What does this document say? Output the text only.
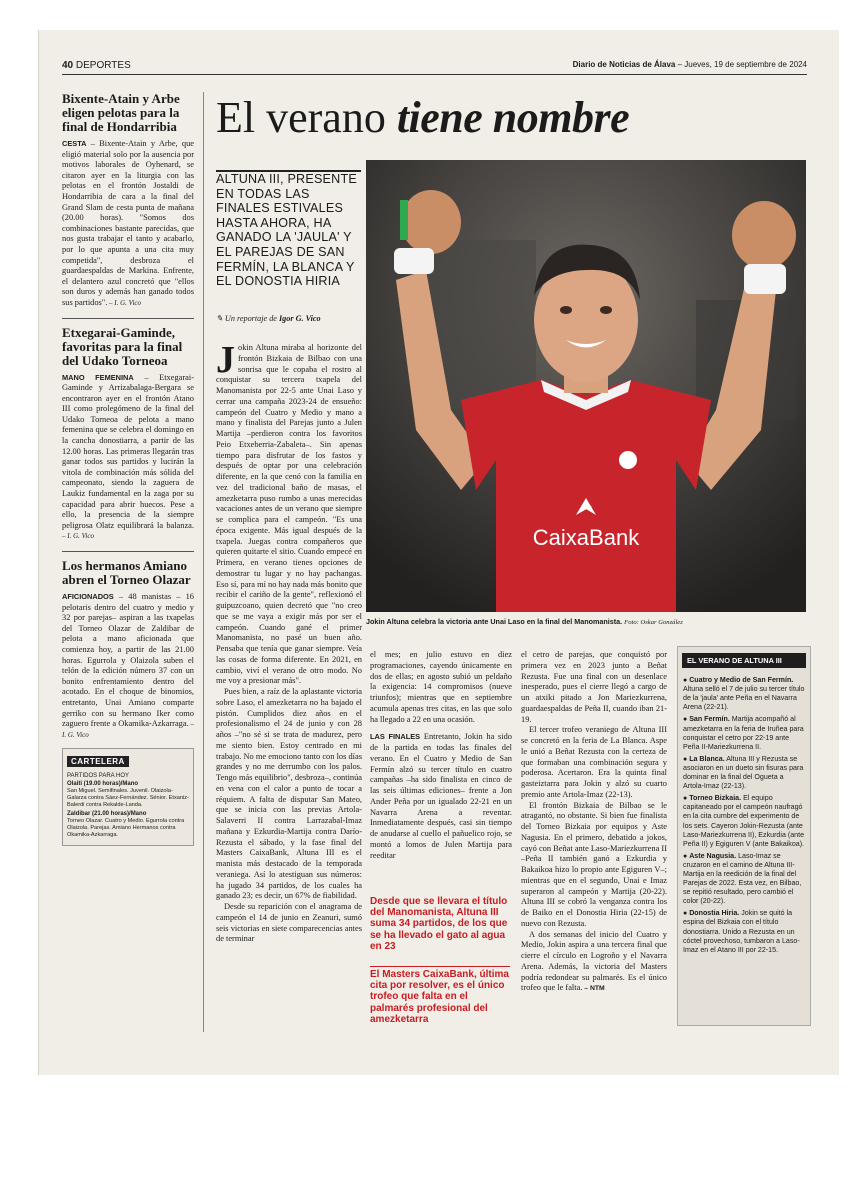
40 DEPORTES	Diario de Noticias de Álava – Jueves, 19 de septiembre de 2024
Bixente-Atain y Arbe eligen pelotas para la final de Hondarribia

CESTA – Bixente-Atain y Arbe, que eligió material solo por la ausencia por motivos laborales de Oyhenard, se citaron ayer en la liturgia con las pelotas en el frontón Jostaldi de Hondarribia de cara a la final del Grand Slam de cesta punta de mañana (20.00 horas). "Somos dos combinaciones bastante parecidas, que nos gusta trabajar el tanto y acabarlo, por lo que apunta a una cita muy competida", desbroza el guardaespaldas de Markina. Enfrente, el delantero azul concretó que "ellos son duros y además han ganado todos sus partidos". – I. G. Vico

Etxegarai-Gaminde, favoritas para la final del Udako Torneoa

MANO FEMENINA – Etxegarai-Gaminde y Arrizabalaga-Bergara se encontraron ayer en el frontón Atano III como prolegómeno de la final del Udako Torneoa de pelota a mano femenina que se celebra el domingo en la cancha donostiarra, a partir de las 12.00 horas. Las primeras llegarán tras ganar todos sus partidos y lucirán la vitola de combinación más sólida del campeonato, siendo la zaguera de Laukiz fundamental en la zaga por su capacidad para abrir huecos. Pese a ello, la presencia de la siempre peligrosa Olatz equilibrará la balanza. – I. G. Vico

Los hermanos Amiano abren el Torneo Olazar

AFICIONADOS – 48 manistas – 16 pelotaris dentro del cuatro y medio y 32 por parejas– aspiran a las txapelas del Torneo Olazar de Zaldibar de pelota a mano aficionada que comienza hoy, a partir de las 21.00 horas. Egurrola y Olaizola suben el telón de la edición número 37 con un bonito enfrentamiento dentro del acotado. En el choque de binomios, entretanto, Unai Amiano comparte gerriko con su hermano Iker como zaguero frente a Okamika-Azkarraga. – I. G. Vico

CARTELERA
PARTIDOS PARA HOY

Olaiti (19.00 horas)/Mano
San Miguel. Semifinales. Juvenil. Olaizola-Galarza contra Sáez-Fernández. Sénior. Etxaniz-Balerdi contra Rekalde-Landa.

Zaldibar (21.00 horas)/Mano
Torneo Olazar. Cuatro y Medio. Egurrola contra Olaizola. Parejas. Amiano Hermanos contra Okamika-Azkarraga.

El verano tiene nombre
ALTUNA III, PRESENTE EN TODAS LAS FINALES ESTIVALES HASTA AHORA, HA GANADO LA 'JAULA' Y EL PAREJAS DE SAN FERMÍN, LA BLANCA Y EL DONOSTIA HIRIA
✎ Un reportaje de Igor G. Vico
CaixaBank
Jokin Altuna celebra la victoria ante Unai Laso en la final del Manomanista. Foto: Oskar González

Jokin Altuna miraba al horizonte del frontón Bizkaia de Bilbao con una sonrisa que le copaba el rostro al conquistar su tercera txapela del Manomanista por 22-5 ante Unai Laso y cerrar una campaña 2023-24 de ensueño: campeón del Cuatro y Medio y mano a mano y finalista del Parejas junto a Julen Martija –perdieron contra los favoritos Peio Etxeberria-Zabaleta–. Sin apenas tiempo para disfrutar de los fastos y después de optar por una celebración diferente, en la que cenó con la familia en vez del tradicional baño de masas, el amezketarra puso rumbo a unas merecidas vacaciones antes de un verano que siempre se complica para el campeón. "Es una época exigente. Más igual después de la txapela. Juegas contra compañeros que quieren quitarte el sitio. Cuando empecé en Primera, en verano tienes opciones de demostrar tu lugar y no hay pachangas. Eso sí, para mí no hay nada más bonito que recibir el cariño de la gente", reflexionó el guipuzcoano, quien decretó que "no creo que se me vaya a exigir más por ser el campeón. Cuando gané el primer Manomanista, no pasé un buen año. Pensaba que tenía que ganar siempre. Veía las cosas de forma diferente. En 2021, en cambio, viví el verano de otro modo. No me voy a presionar más".

Pues bien, a raíz de la aplastante victoria sobre Laso, el amezketarra no ha bajado el pistón. Cumplidos diez años en el profesionalismo el 24 de junio y con 28 años –"no sé si se trata de madurez, pero me siento bien. Estoy centrado en mi trabajo. No me emociono tanto con los días grandes y no me derrumbo con los palos. Tengo más equilibrio", desbroza–, continúa en vena con el calor a punto de tocar a réquiem. A falta de disputar San Mateo, que se inicia con las previas Artola-Salaverri II contra Larrazabal-Imaz mañana y Ezkurdia-Martija contra Darío-Rezusta el sábado, y la fase final del Masters CaixaBank, Altuna III es el manista más destacado de la temporada veraniega. Así lo atestiguan sus números: ha jugado 34 partidos, de los cuales ha ganado 23; es decir, un 67% de fiabilidad.

Desde su reparición con el anagrama de campeón el 14 de junio en Zeanuri, sumó seis victorias en siete comparecencias antes de terminar

el mes; en julio estuvo en diez programaciones, cayendo únicamente en dos de ellas; en agosto subió un peldaño la exigencia: 14 compromisos (nueve triunfos); mientras que en septiembre acumula apenas tres citas, en las que solo ha llegado a 22 en una ocasión.

LAS FINALES Entretanto, Jokin ha sido de la partida en todas las finales del verano. En el Cuatro y Medio de San Fermín alzó su tercer título en cuatro campañas –ha sido finalista en cinco de las seis últimas ediciones– frente a Jon Ander Peña por un igualado 22-21 en un Navarra Arena a reventar. Inmediatamente después, casi sin tiempo de anudarse al cuello el pañuelico rojo, se montó a lomos de Julen Martija para reeditar

Desde que se llevara el título del Manomanista, Altuna III suma 34 partidos, de los que se ha llevado el gato al agua en 23
El Masters CaixaBank, última cita por resolver, es el único trofeo que falta en el palmarés profesional del amezketarra

el cetro de parejas, que conquistó por primera vez en 2023 junto a Beñat Rezusta. Fue una final con un desenlace inesperado, pues el cierre llegó a cargo de un atxiki pitado a Jon Mariezkurrena, guardaespaldas de Peña II, cuando iban 21-19.

El tercer trofeo veraniego de Altuna III se concretó en la feria de La Blanca. Aspe le unió a Beñat Rezusta con la certeza de que formaban una combinación segura y poderosa. Acertaron. Era la quinta final gasteiztarra para Jokin y alzó su cuarto premio ante Artola-Imaz (22-13).

El frontón Bizkaia de Bilbao se le atragantó, no obstante. Si bien fue finalista del Torneo Bizkaia por equipos y Aste Nagusia. En el primero, debatido a jokos, cayó con Beñat ante Laso-Mariezkurrena II –Peña II también ganó a Ezkurdia y Bakaikoa hizo lo propio ante Egiguren V–; mientras que en el segundo, Unai e Imaz superaron al campeón y Martija (20-22). Altuna III se cobró la venganza contra los de Baiko en el Donostia Hiria (22-15) de nuevo con Rezusta.

A dos semanas del inicio del Cuatro y Medio, Jokin aspira a una tercera final que cierre el círculo en Logroño y el Navarra Arena. Además, la victoria del Masters podría redondear su palmarés. Es el único trofeo que le falta. – NTM

EL VERANO DE ALTUNA III
● Cuatro y Medio de San Fermín. Altuna selló el 7 de julio su tercer título de la 'jaula' ante Peña en el Navarra Arena (22-21).
● San Fermín. Martija acompañó al amezketarra en la feria de Iruñea para conquistar el cetro por 22-19 ante Peña II-Mariezkurrena II.
● La Blanca. Altuna III y Rezusta se asociaron en un dueto sin fisuras para dominar en la final del Ogueta a Artola-Imaz (22-13).
● Torneo Bizkaia. El equipo capitaneado por el campeón naufragó en la cita cumbre del experimento de los sets. Cayeron Jokin-Rezusta (ante Laso-Mariezkurrena II), Ezkurdia (ante Peña II) y Egiguren V (ante Bakaikoa).
● Aste Nagusia. Laso-Imaz se cruzaron en el camino de Altuna III-Martija en la reedición de la final del Parejas de 2022. Esta vez, en Bilbao, se repitió resultado, pero cambió el color (20-22).
● Donostia Hiria. Jokin se quitó la espina del Bizkaia con el título donostiarra. Unido a Rezusta en un cóctel provechoso, tumbaron a Laso-Imaz en el Atano III por 22-15.
